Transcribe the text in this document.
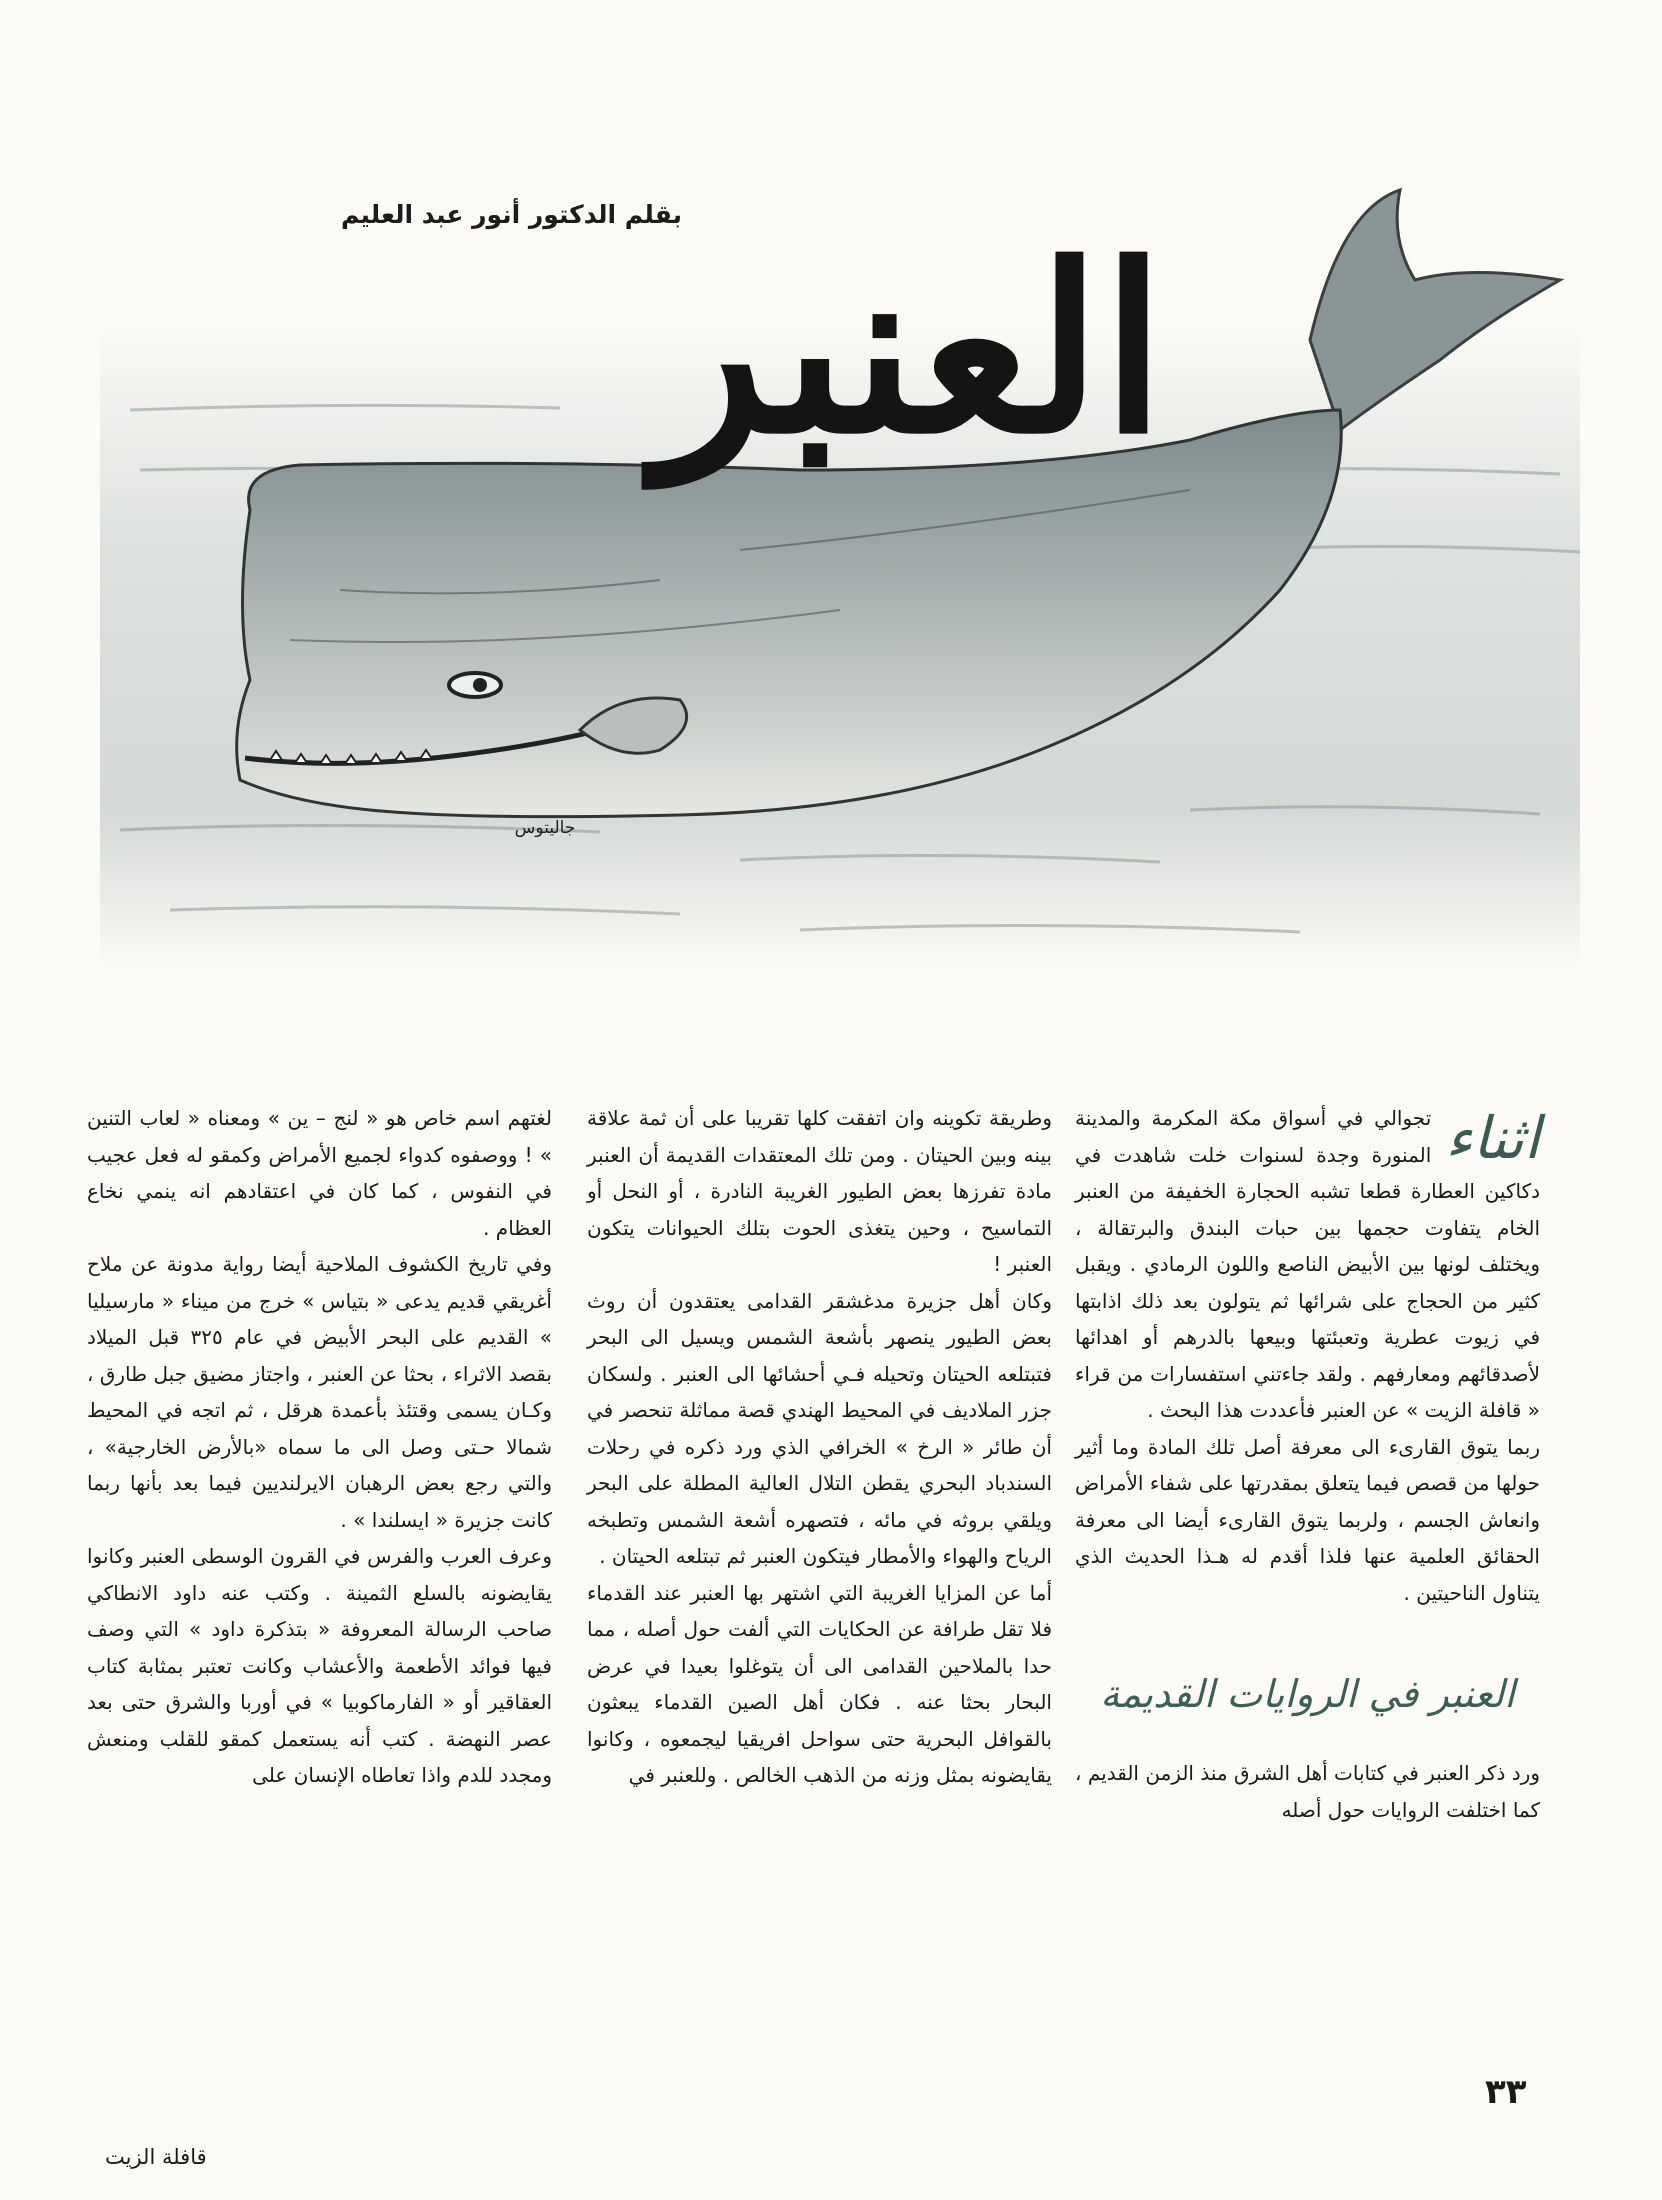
بقلم الدكتور أنور عبد العليم
العنبر
جاليتوس
اثناء

تجوالي في أسواق مكة المكرمة والمدينة المنورة وجدة لسنوات خلت شاهدت في دكاكين العطارة قطعا تشبه الحجارة الخفيفة من العنبر الخام يتفاوت حجمها بين حبات البندق والبرتقالة ، ويختلف لونها بين الأبيض الناصع واللون الرمادي . ويقبل كثير من الحجاج على شرائها ثم يتولون بعد ذلك اذابتها في زيوت عطرية وتعبئتها وبيعها بالدرهم أو اهدائها لأصدقائهم ومعارفهم . ولقد جاءتني استفسارات من قراء « قافلة الزيت » عن العنبر فأعددت هذا البحث .

ربما يتوق القارىء الى معرفة أصل تلك المادة وما أثير حولها من قصص فيما يتعلق بمقدرتها على شفاء الأمراض وانعاش الجسم ، ولربما يتوق القارىء أيضا الى معرفة الحقائق العلمية عنها فلذا أقدم له هـذا الحديث الذي يتناول الناحيتين .

العنبر في الروايات القديمة

ورد ذكر العنبر في كتابات أهل الشرق منذ الزمن القديم ، كما اختلفت الروايات حول أصله

وطريقة تكوينه وان اتفقت كلها تقريبا على أن ثمة علاقة بينه وبين الحيتان . ومن تلك المعتقدات القديمة أن العنبر مادة تفرزها بعض الطيور الغريبة النادرة ، أو النحل أو التماسيح ، وحين يتغذى الحوت بتلك الحيوانات يتكون العنبر !

وكان أهل جزيرة مدغشقر القدامى يعتقدون أن روث بعض الطيور ينصهر بأشعة الشمس ويسيل الى البحر فتبتلعه الحيتان وتحيله فـي أحشائها الى العنبر . ولسكان جزر الملاديف في المحيط الهندي قصة مماثلة تنحصر في أن طائر « الرخ » الخرافي الذي ورد ذكره في رحلات السندباد البحري يقطن التلال العالية المطلة على البحر ويلقي بروثه في مائه ، فتصهره أشعة الشمس وتطبخه الرياح والهواء والأمطار فيتكون العنبر ثم تبتلعه الحيتان .

أما عن المزايا الغريبة التي اشتهر بها العنبر عند القدماء فلا تقل طرافة عن الحكايات التي ألفت حول أصله ، مما حدا بالملاحين القدامى الى أن يتوغلوا بعيدا في عرض البحار بحثا عنه . فكان أهل الصين القدماء يبعثون بالقوافل البحرية حتى سواحل افريقيا ليجمعوه ، وكانوا يقايضونه بمثل وزنه من الذهب الخالص . وللعنبر في

لغتهم اسم خاص هو « لنج – ين » ومعناه « لعاب التنين » ! ووصفوه كدواء لجميع الأمراض وكمقو له فعل عجيب في النفوس ، كما كان في اعتقادهم انه ينمي نخاع العظام .

وفي تاريخ الكشوف الملاحية أيضا رواية مدونة عن ملاح أغريقي قديم يدعى « بتياس » خرج من ميناء « مارسيليا » القديم على البحر الأبيض في عام ٣٢٥ قبل الميلاد بقصد الاثراء ، بحثا عن العنبر ، واجتاز مضيق جبل طارق ، وكـان يسمى وقتئذ بأعمدة هرقل ، ثم اتجه في المحيط شمالا حـتى وصل الى ما سماه «بالأرض الخارجية» ، والتي رجع بعض الرهبان الايرلنديين فيما بعد بأنها ربما كانت جزيرة « ايسلندا » .

وعرف العرب والفرس في القرون الوسطى العنبر وكانوا يقايضونه بالسلع الثمينة . وكتب عنه داود الانطاكي صاحب الرسالة المعروفة « بتذكرة داود » التي وصف فيها فوائد الأطعمة والأعشاب وكانت تعتبر بمثابة كتاب العقاقير أو « الفارماكوبيا » في أوربا والشرق حتى بعد عصر النهضة . كتب أنه يستعمل كمقو للقلب ومنعش ومجدد للدم واذا تعاطاه الإنسان على

٣٣
قافلة الزيت
